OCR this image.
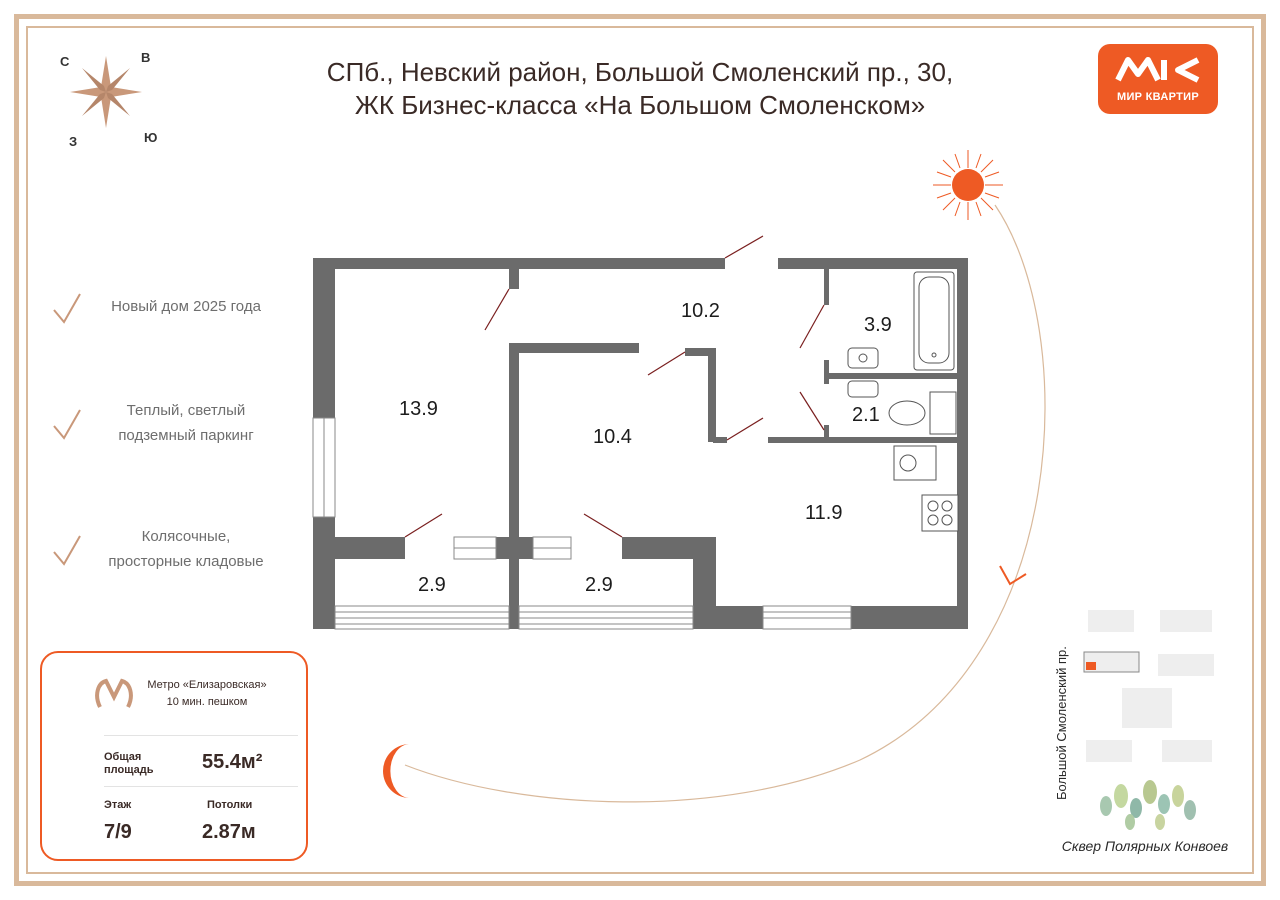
С	В
З	Ю
СПб., Невский район, Большой Смоленский пр., 30,
ЖК Бизнес-класса «На Большом Смоленском»	МИР КВАРТИР
Новый дом 2025 года
Теплый, светлый
подземный паркинг
Колясочные,
просторные кладовые
13.9
10.2
10.4
3.9
2.1
11.9
2.9	2.9
Метро «Елизаровская»
10 мин. пешком
Общая
площадь 55.4м²
Этаж	Потолки
7/9	2.87м
Большой Смоленский пр.
Сквер Полярных Конвоев
